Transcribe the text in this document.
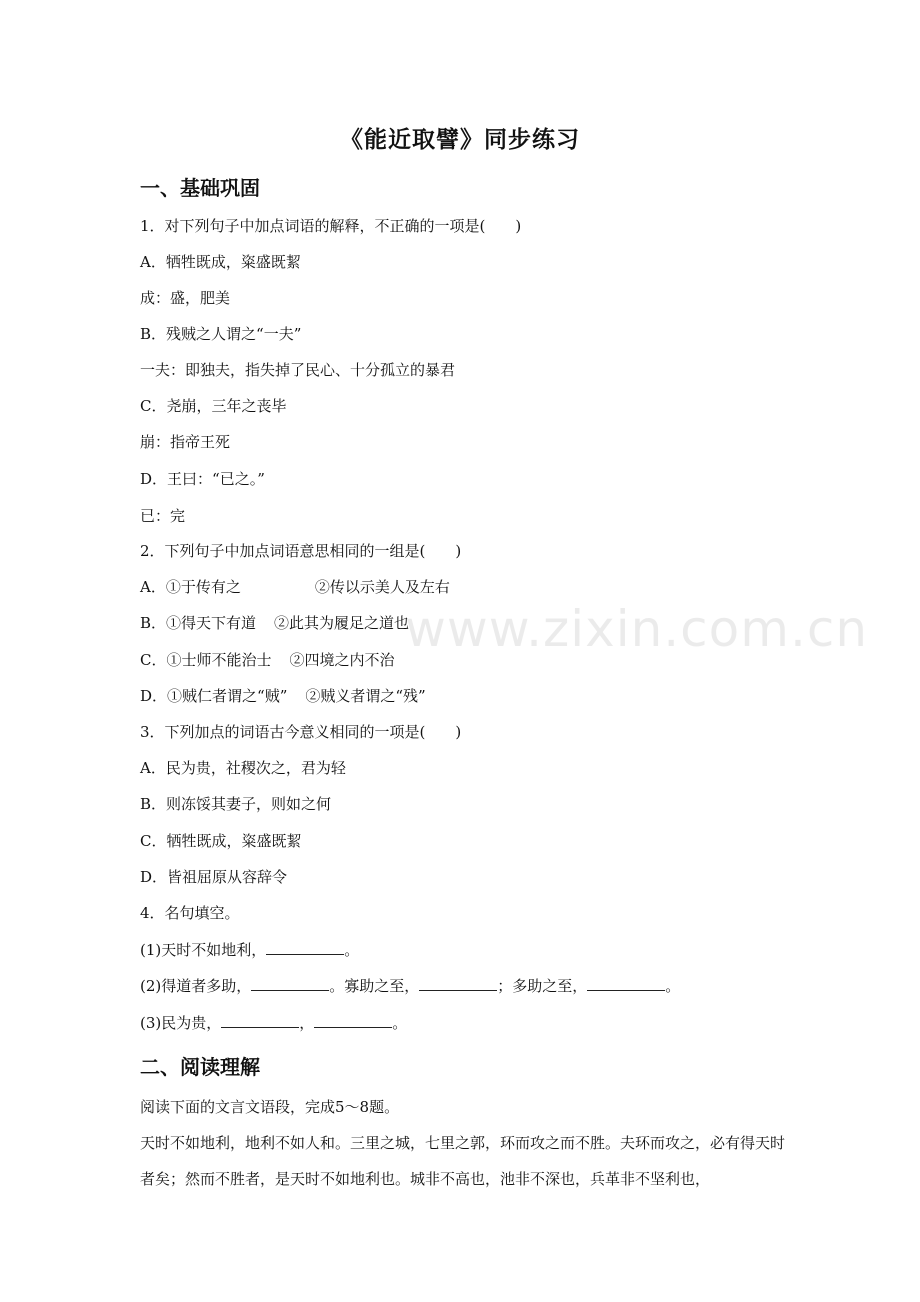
www.zixin.com.cn
《能近取譬》同步练习
一、基础巩固
1．对下列句子中加点词语的解释，不正确的一项是(　　)
A．牺牲既成，粢盛既絜
成：盛，肥美
B．残贼之人谓之“一夫”
一夫：即独夫，指失掉了民心、十分孤立的暴君
C．尧崩，三年之丧毕
崩：指帝王死
D．王曰：“已之。”
已：完
2．下列句子中加点词语意思相同的一组是(　　)
A．①于传有之	②传以示美人及左右
B．①得天下有道 ②此其为履足之道也
C．①士师不能治士 ②四境之内不治
D．①贼仁者谓之“贼” ②贼义者谓之“残”
3．下列加点的词语古今意义相同的一项是(　　)
A．民为贵，社稷次之，君为轻
B．则冻馁其妻子，则如之何
C．牺牲既成，粢盛既絜
D．皆祖屈原从容辞令
4．名句填空。
(1)天时不如地利，	。
(2)得道者多助，	。寡助之至，	；多助之至，	。
(3)民为贵，	，	。
二、阅读理解
阅读下面的文言文语段，完成5～8题。
天时不如地利，地利不如人和。三里之城，七里之郭，环而攻之而不胜。夫环而攻之，必有得天时者矣；然而不胜者，是天时不如地利也。城非不高也，池非不深也，兵革非不坚利也，
